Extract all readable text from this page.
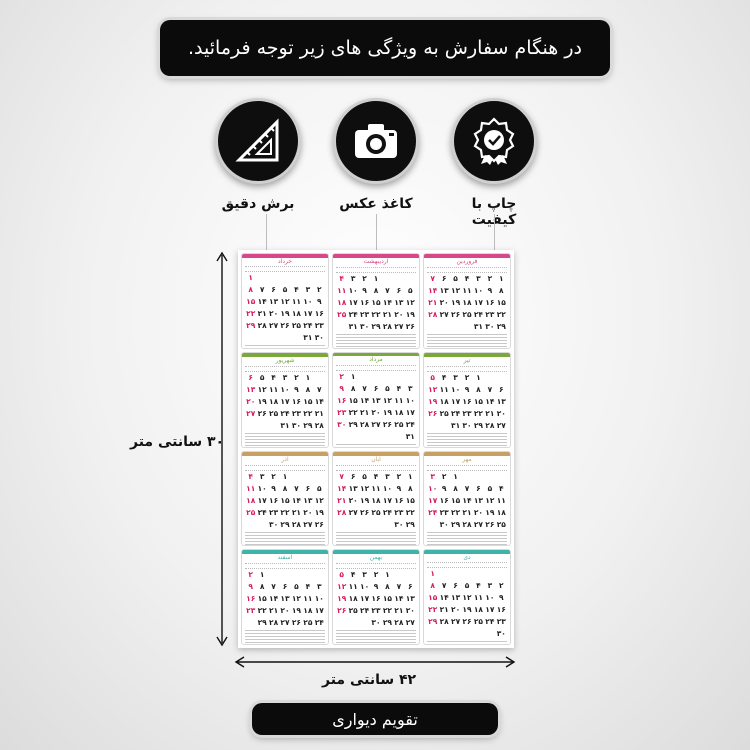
در هنگام سفارش به ویژگی های زیر توجه فرمائید.
چاپ با کیفیت
کاغذ عکس
برش دقیق
۳۰ سانتی متر
۴۲ سانتی متر
فروردین
۱
۲
۳
۴
۵
۶
۷
۸
۹
۱۰
۱۱
۱۲
۱۳
۱۴
۱۵
۱۶
۱۷
۱۸
۱۹
۲۰
۲۱
۲۲
۲۳
۲۴
۲۵
۲۶
۲۷
۲۸
۲۹
۳۰
۳۱
اردیبهشت
۱
۲
۳
۴
۵
۶
۷
۸
۹
۱۰
۱۱
۱۲
۱۳
۱۴
۱۵
۱۶
۱۷
۱۸
۱۹
۲۰
۲۱
۲۲
۲۳
۲۴
۲۵
۲۶
۲۷
۲۸
۲۹
۳۰
۳۱
خرداد
۱
۲
۳
۴
۵
۶
۷
۸
۹
۱۰
۱۱
۱۲
۱۳
۱۴
۱۵
۱۶
۱۷
۱۸
۱۹
۲۰
۲۱
۲۲
۲۳
۲۴
۲۵
۲۶
۲۷
۲۸
۲۹
۳۰
۳۱
تیر
۱
۲
۳
۴
۵
۶
۷
۸
۹
۱۰
۱۱
۱۲
۱۳
۱۴
۱۵
۱۶
۱۷
۱۸
۱۹
۲۰
۲۱
۲۲
۲۳
۲۴
۲۵
۲۶
۲۷
۲۸
۲۹
۳۰
۳۱
مرداد
۱
۲
۳
۴
۵
۶
۷
۸
۹
۱۰
۱۱
۱۲
۱۳
۱۴
۱۵
۱۶
۱۷
۱۸
۱۹
۲۰
۲۱
۲۲
۲۳
۲۴
۲۵
۲۶
۲۷
۲۸
۲۹
۳۰
۳۱
شهریور
۱
۲
۳
۴
۵
۶
۷
۸
۹
۱۰
۱۱
۱۲
۱۳
۱۴
۱۵
۱۶
۱۷
۱۸
۱۹
۲۰
۲۱
۲۲
۲۳
۲۴
۲۵
۲۶
۲۷
۲۸
۲۹
۳۰
۳۱
مهر
۱
۲
۳
۴
۵
۶
۷
۸
۹
۱۰
۱۱
۱۲
۱۳
۱۴
۱۵
۱۶
۱۷
۱۸
۱۹
۲۰
۲۱
۲۲
۲۳
۲۴
۲۵
۲۶
۲۷
۲۸
۲۹
۳۰
آبان
۱
۲
۳
۴
۵
۶
۷
۸
۹
۱۰
۱۱
۱۲
۱۳
۱۴
۱۵
۱۶
۱۷
۱۸
۱۹
۲۰
۲۱
۲۲
۲۳
۲۴
۲۵
۲۶
۲۷
۲۸
۲۹
۳۰
آذر
۱
۲
۳
۴
۵
۶
۷
۸
۹
۱۰
۱۱
۱۲
۱۳
۱۴
۱۵
۱۶
۱۷
۱۸
۱۹
۲۰
۲۱
۲۲
۲۳
۲۴
۲۵
۲۶
۲۷
۲۸
۲۹
۳۰
دی
۱
۲
۳
۴
۵
۶
۷
۸
۹
۱۰
۱۱
۱۲
۱۳
۱۴
۱۵
۱۶
۱۷
۱۸
۱۹
۲۰
۲۱
۲۲
۲۳
۲۴
۲۵
۲۶
۲۷
۲۸
۲۹
۳۰
بهمن
۱
۲
۳
۴
۵
۶
۷
۸
۹
۱۰
۱۱
۱۲
۱۳
۱۴
۱۵
۱۶
۱۷
۱۸
۱۹
۲۰
۲۱
۲۲
۲۳
۲۴
۲۵
۲۶
۲۷
۲۸
۲۹
۳۰
اسفند
۱
۲
۳
۴
۵
۶
۷
۸
۹
۱۰
۱۱
۱۲
۱۳
۱۴
۱۵
۱۶
۱۷
۱۸
۱۹
۲۰
۲۱
۲۲
۲۳
۲۴
۲۵
۲۶
۲۷
۲۸
۲۹
تقویم دیواری
